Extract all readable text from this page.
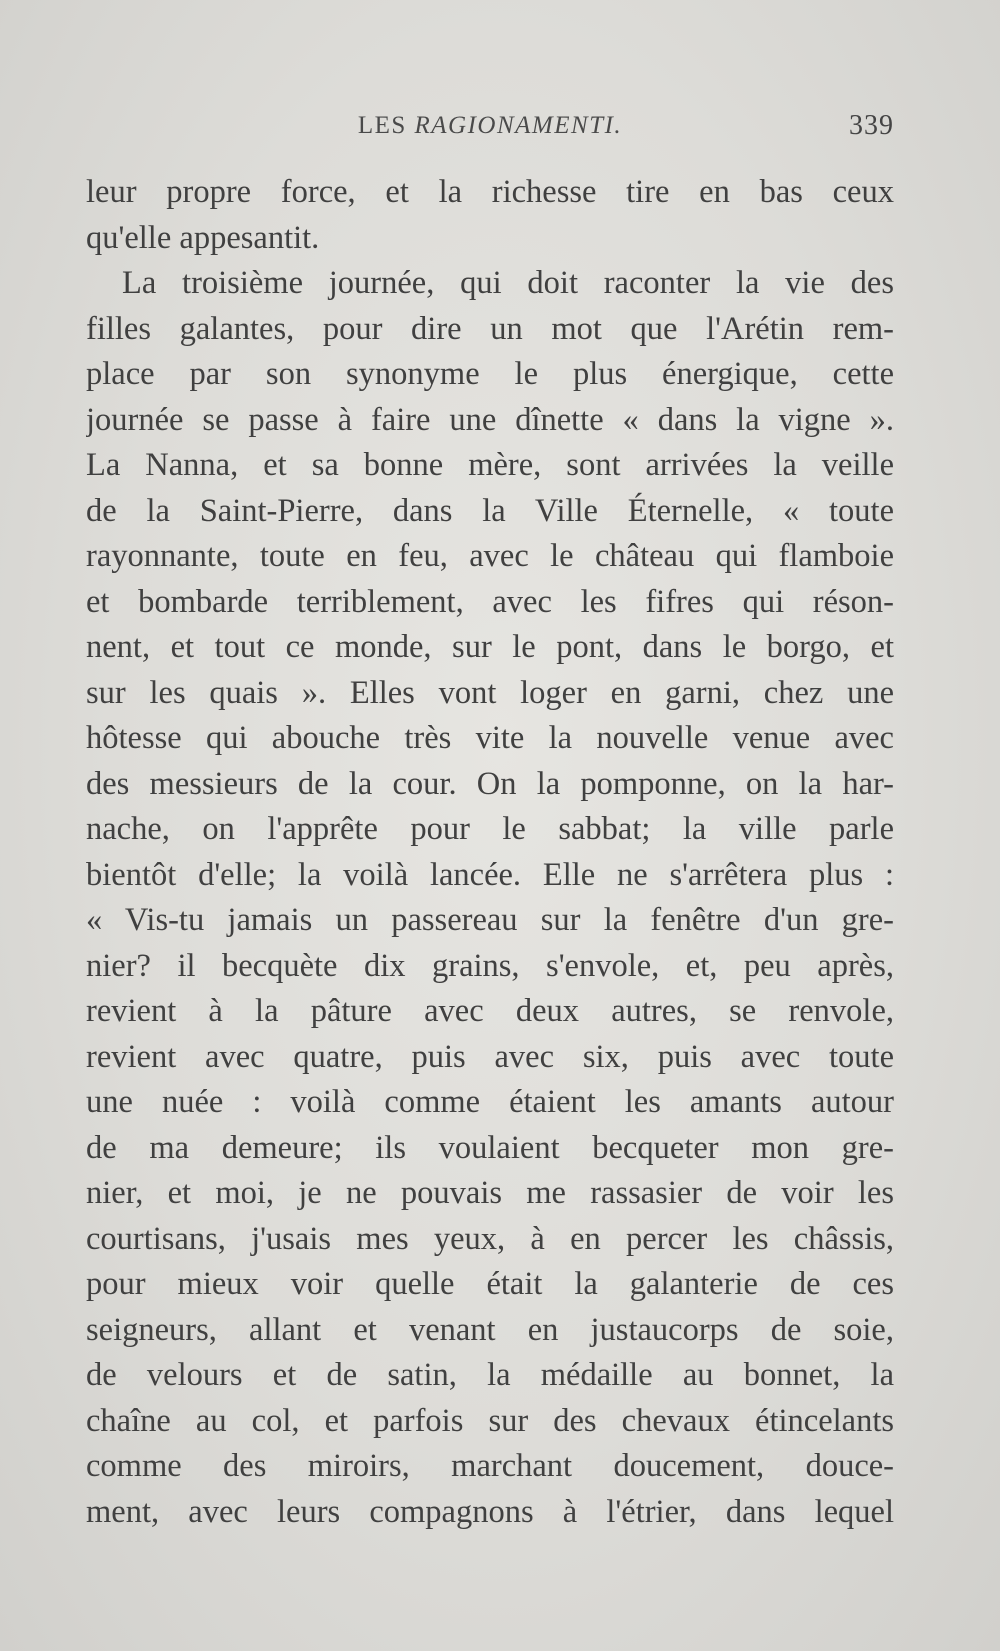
LES RAGIONAMENTI.	339
leur propre force, et la richesse tire en bas ceux
qu'elle appesantit.
La troisième journée, qui doit raconter la vie des
filles galantes, pour dire un mot que l'Arétin rem-
place par son synonyme le plus énergique, cette
journée se passe à faire une dînette « dans la vigne ».
La Nanna, et sa bonne mère, sont arrivées la veille
de la Saint-Pierre, dans la Ville Éternelle, « toute
rayonnante, toute en feu, avec le château qui flamboie
et bombarde terriblement, avec les fifres qui réson-
nent, et tout ce monde, sur le pont, dans le borgo, et
sur les quais ». Elles vont loger en garni, chez une
hôtesse qui abouche très vite la nouvelle venue avec
des messieurs de la cour. On la pomponne, on la har-
nache, on l'apprête pour le sabbat; la ville parle
bientôt d'elle; la voilà lancée. Elle ne s'arrêtera plus :
« Vis-tu jamais un passereau sur la fenêtre d'un gre-
nier? il becquète dix grains, s'envole, et, peu après,
revient à la pâture avec deux autres, se renvole,
revient avec quatre, puis avec six, puis avec toute
une nuée : voilà comme étaient les amants autour
de ma demeure; ils voulaient becqueter mon gre-
nier, et moi, je ne pouvais me rassasier de voir les
courtisans, j'usais mes yeux, à en percer les châssis,
pour mieux voir quelle était la galanterie de ces
seigneurs, allant et venant en justaucorps de soie,
de velours et de satin, la médaille au bonnet, la
chaîne au col, et parfois sur des chevaux étincelants
comme des miroirs, marchant doucement, douce-
ment, avec leurs compagnons à l'étrier, dans lequel
